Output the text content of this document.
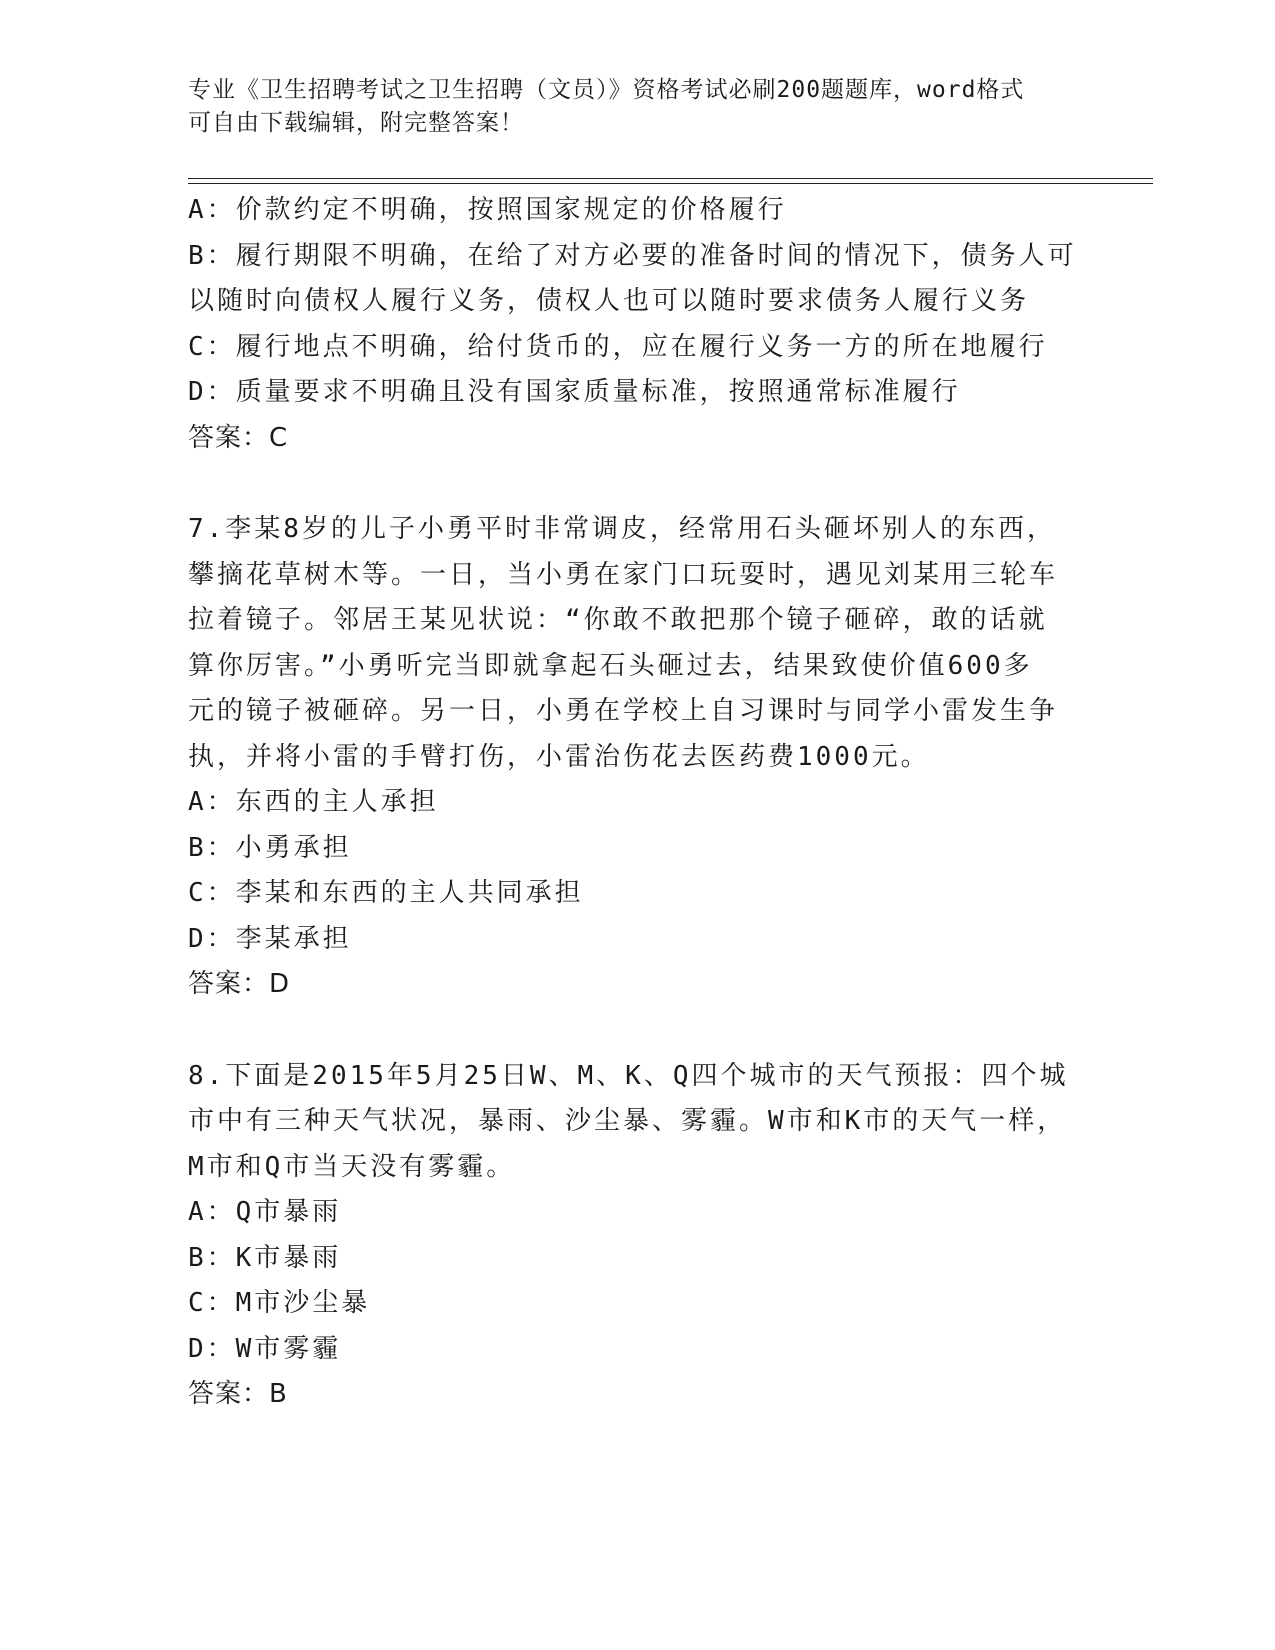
专业《卫生招聘考试之卫生招聘（文员）》资格考试必刷200题题库，word格式
可自由下载编辑，附完整答案！
A：价款约定不明确，按照国家规定的价格履行
B：履行期限不明确，在给了对方必要的准备时间的情况下，债务人可
以随时向债权人履行义务，债权人也可以随时要求债务人履行义务
C：履行地点不明确，给付货币的，应在履行义务一方的所在地履行
D：质量要求不明确且没有国家质量标准，按照通常标准履行
答案：C
7.李某8岁的儿子小勇平时非常调皮，经常用石头砸坏别人的东西，
攀摘花草树木等。一日，当小勇在家门口玩耍时，遇见刘某用三轮车
拉着镜子。邻居王某见状说：“你敢不敢把那个镜子砸碎，敢的话就
算你厉害。”小勇听完当即就拿起石头砸过去，结果致使价值600多
元的镜子被砸碎。另一日，小勇在学校上自习课时与同学小雷发生争
执，并将小雷的手臂打伤，小雷治伤花去医药费1000元。
A：东西的主人承担
B：小勇承担
C：李某和东西的主人共同承担
D：李某承担
答案：D
8.下面是2015年5月25日W、M、K、Q四个城市的天气预报：四个城
市中有三种天气状况，暴雨、沙尘暴、雾霾。W市和K市的天气一样，
M市和Q市当天没有雾霾。
A：Q市暴雨
B：K市暴雨
C：M市沙尘暴
D：W市雾霾
答案：B
